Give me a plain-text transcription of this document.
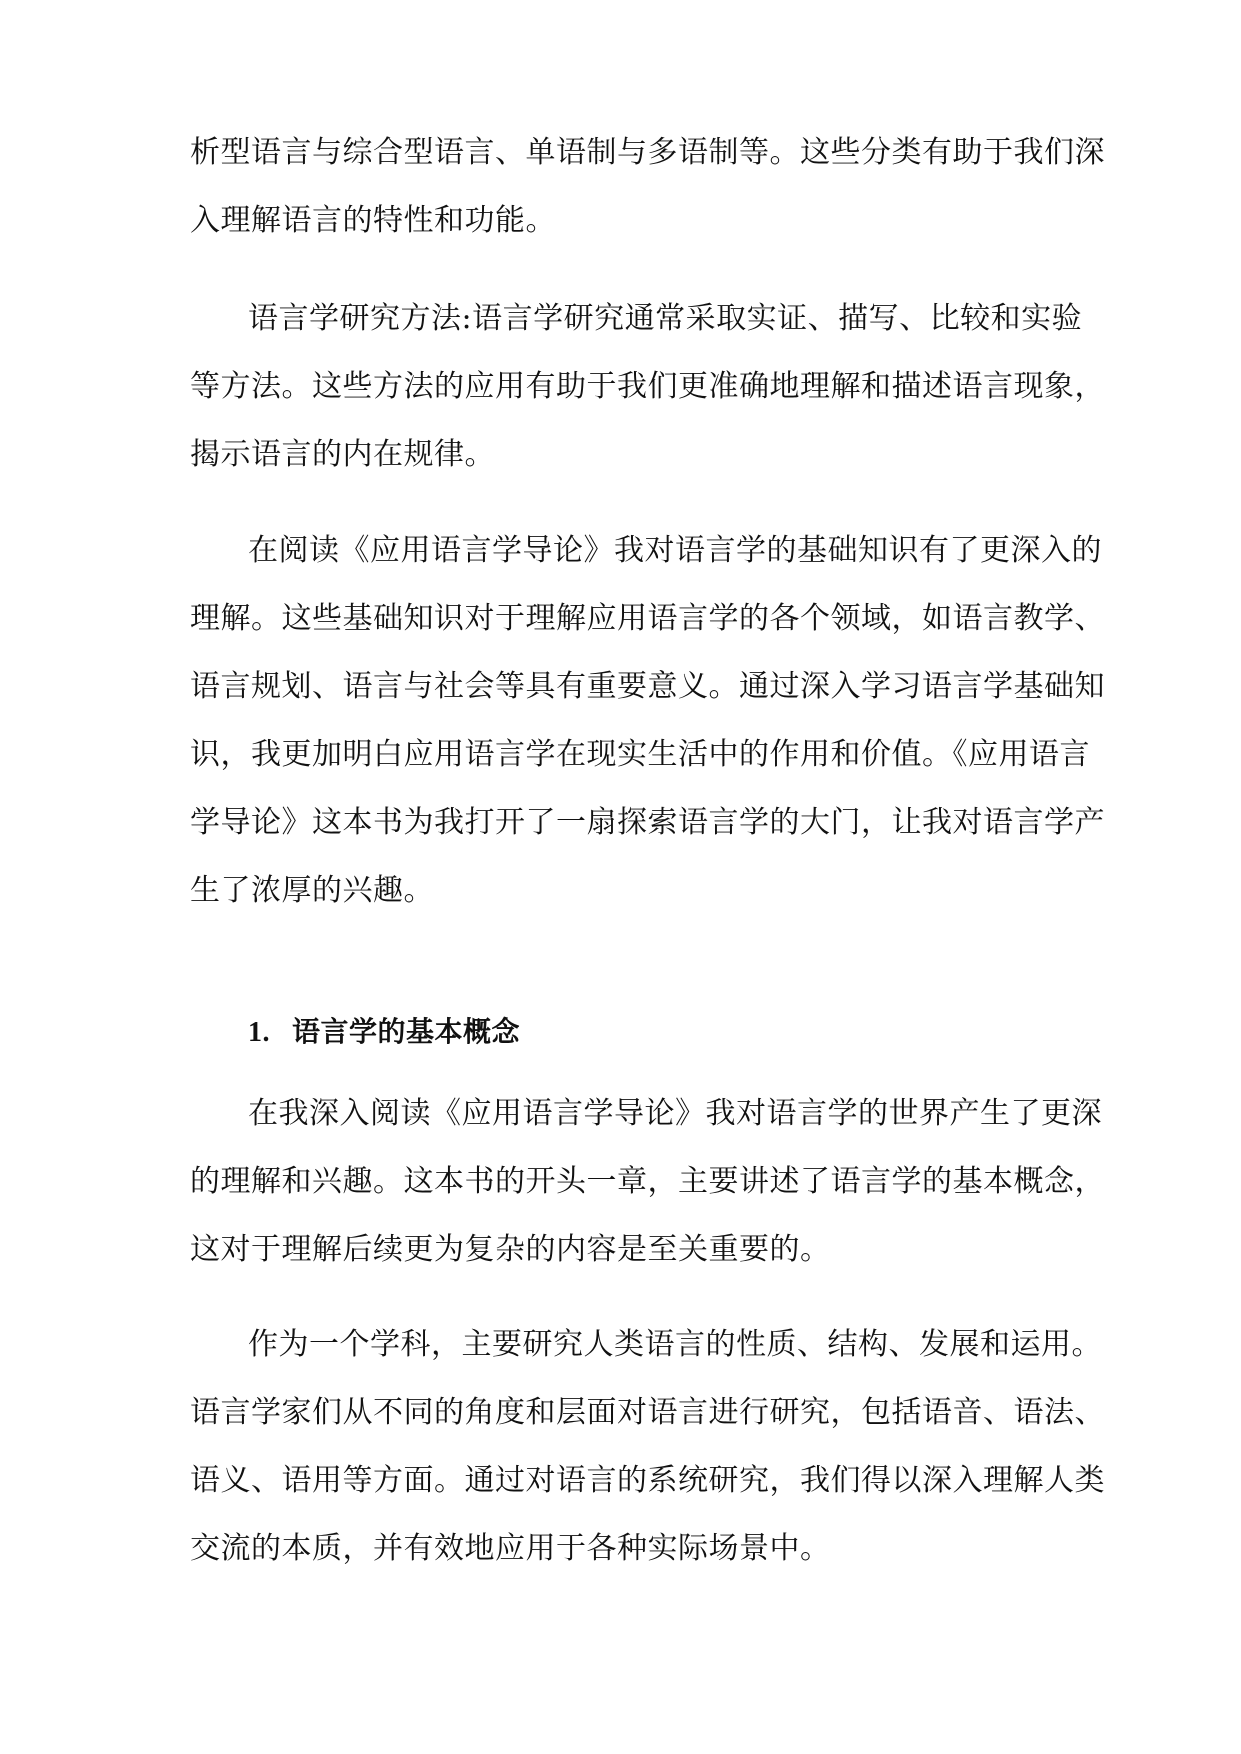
析型语言与综合型语言、单语制与多语制等。这些分类有助于我们深

入理解语言的特性和功能。

语言学研究方法:语言学研究通常采取实证、描写、比较和实验

等方法。这些方法的应用有助于我们更准确地理解和描述语言现象，

揭示语言的内在规律。

在阅读《应用语言学导论》我对语言学的基础知识有了更深入的

理解。这些基础知识对于理解应用语言学的各个领域，如语言教学、

语言规划、语言与社会等具有重要意义。通过深入学习语言学基础知

识，我更加明白应用语言学在现实生活中的作用和价值。《应用语言

学导论》这本书为我打开了一扇探索语言学的大门，让我对语言学产

生了浓厚的兴趣。

1. 语言学的基本概念

在我深入阅读《应用语言学导论》我对语言学的世界产生了更深

的理解和兴趣。这本书的开头一章，主要讲述了语言学的基本概念，

这对于理解后续更为复杂的内容是至关重要的。

作为一个学科，主要研究人类语言的性质、结构、发展和运用。

语言学家们从不同的角度和层面对语言进行研究，包括语音、语法、

语义、语用等方面。通过对语言的系统研究，我们得以深入理解人类

交流的本质，并有效地应用于各种实际场景中。
